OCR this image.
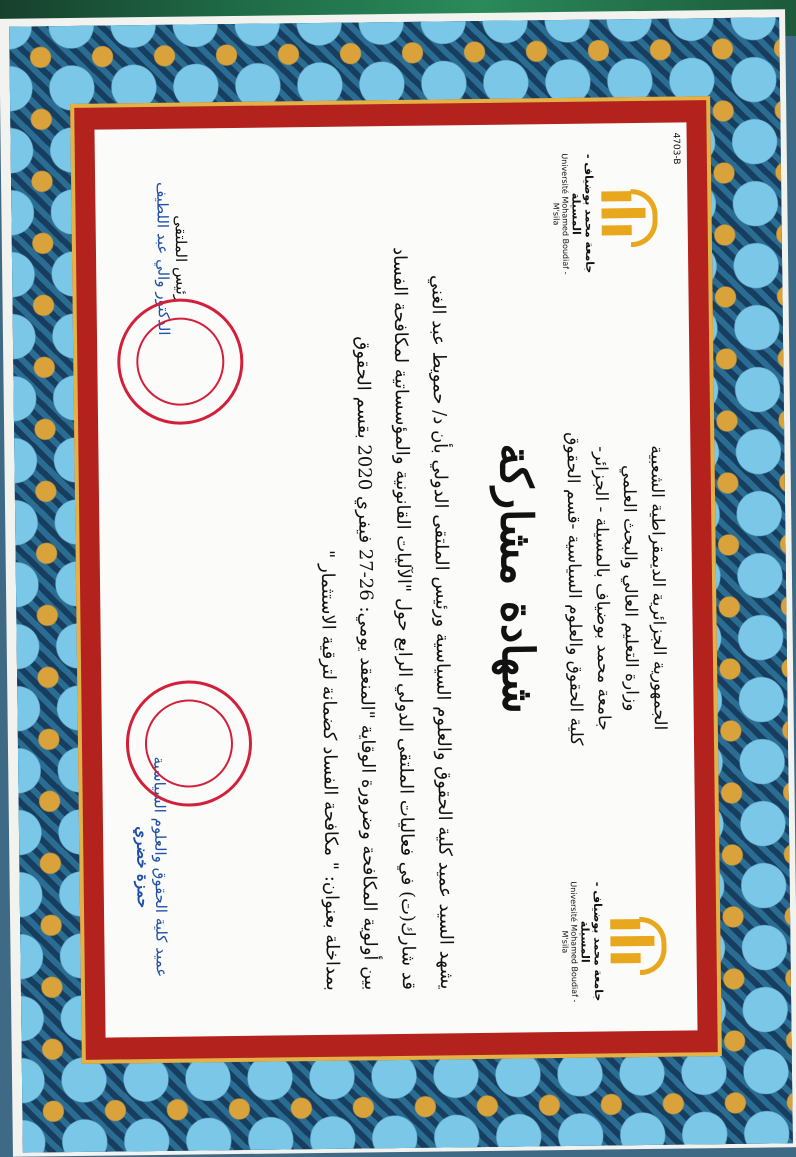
4703-B
جامعة محمد بوضياف - المسيلة
Université Mohamed Boudiaf - M'sila
جامعة محمد بوضياف - المسيلة
Université Mohamed Boudiaf - M'sila
الجمهورية الجزائرية الديمقراطية الشعبية
وزارة التعليم العالي والبحث العلمي
جامعة محمد بوضياف بالمسيلة - الجزائر-
كلية الحقوق والعلوم السياسية -قسم الحقوق
شهادة مشاركة
يشهد السيد عميد كلية الحقوق والعلوم السياسية ورئيس الملتقى الدولي بأن د/ حمويط عبد الغني
قد شارك(ت) في فعاليات الملتقى الدولي الرابع حول "الآليات القانونية والمؤسساتية لمكافحة الفساد
بين أولوية المكافحة وضرورة الوقاية "المنعقد يومي: 26-27 فيفري 2020 بقسم الحقوق
بمداخلة بعنوان: " مكافحة الفساد كضمانة لترقية الاستثمار "
رئيس الملتقى
الدكتور والي عبد اللطيف
عميد كلية الحقوق والعلوم السياسية
حمزة خضري
